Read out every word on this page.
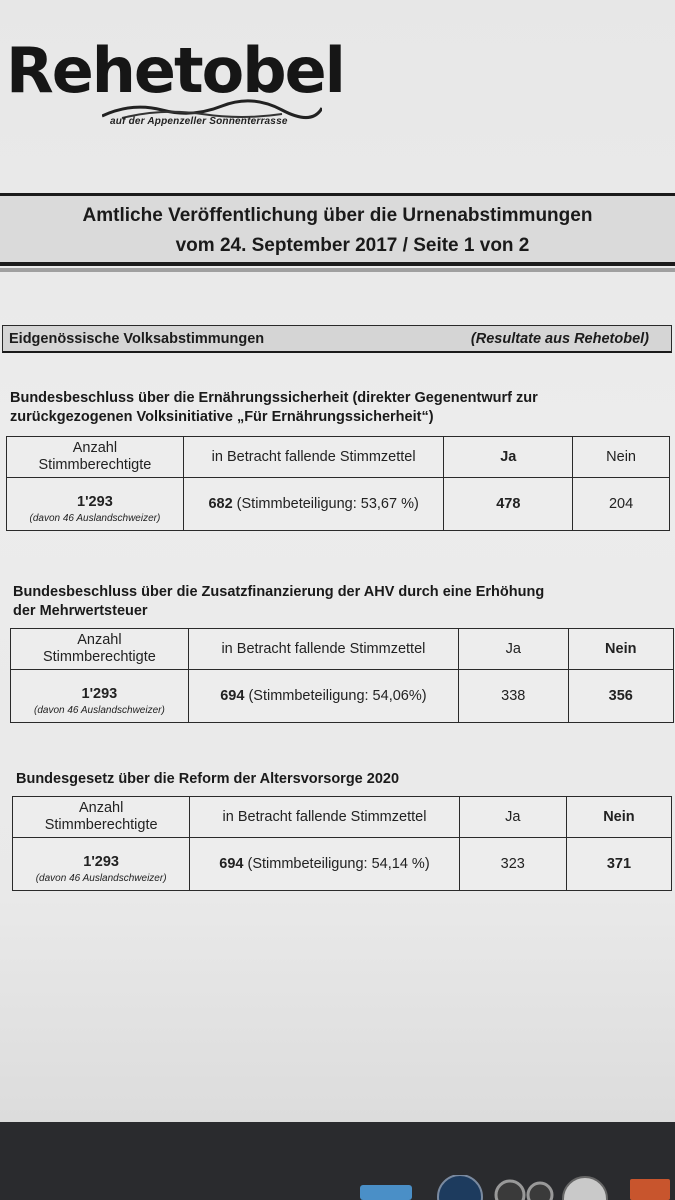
Rehetobel
auf der Appenzeller Sonnenterrasse
Amtliche Veröffentlichung über die Urnenabstimmungen
vom 24. September 2017 / Seite 1 von 2
Eidgenössische Volksabstimmungen	(Resultate aus Rehetobel)
Bundesbeschluss über die Ernährungssicherheit (direkter Gegenentwurf zur
zurückgezogenen Volksinitiative „Für Ernährungssicherheit“)
Anzahl
Stimmberechtigte	in Betracht fallende Stimmzettel	Ja	Nein

1'293
(davon 46 Auslandschweizer)	682 (Stimmbeteiligung: 53,67 %)	478	204
Bundesbeschluss über die Zusatzfinanzierung der AHV durch eine Erhöhung
der Mehrwertsteuer
Anzahl
Stimmberechtigte	in Betracht fallende Stimmzettel	Ja	Nein

1'293
(davon 46 Auslandschweizer)	694 (Stimmbeteiligung: 54,06%)	338	356
Bundesgesetz über die Reform der Altersvorsorge 2020
Anzahl
Stimmberechtigte	in Betracht fallende Stimmzettel	Ja	Nein

1'293
(davon 46 Auslandschweizer)	694 (Stimmbeteiligung: 54,14 %)	323	371
